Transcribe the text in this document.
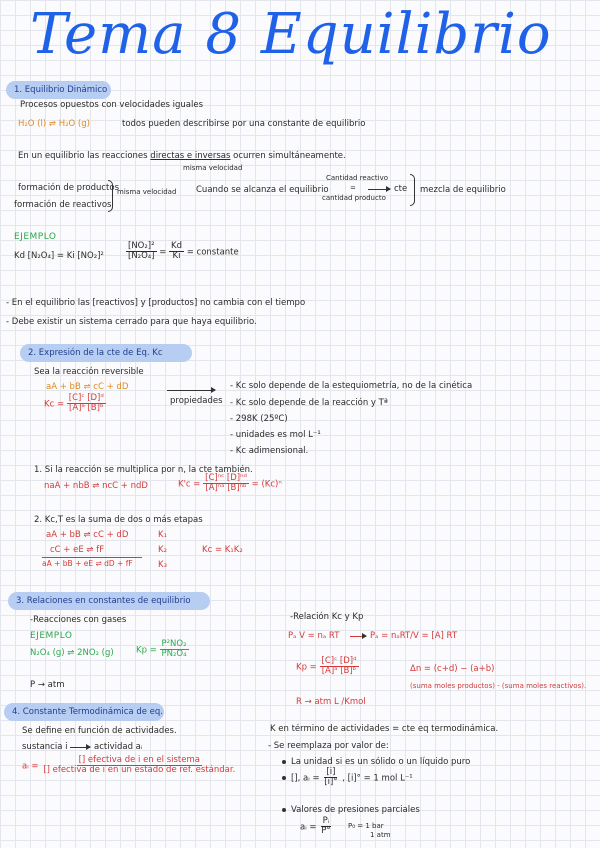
Tema 8 Equilibrio
1. Equilibrio Dinámico
Procesos opuestos con velocidades iguales
H₂O (l) ⇌ H₂O (g)	todos pueden describirse por una constante de equilibrio
En un equilibrio las reacciones directas e inversas ocurren simultáneamente.
misma velocidad
formación de productos
formación de reactivos
misma velocidad Cuando se alcanza el equilibrio
Cantidad reactivo
=
cantidad producto
cte mezcla de equilibrio
EJEMPLO
Kd [N₂O₄] = Ki [NO₂]²	$\frac{\text{[NO₂]²}}{\text{[N₂O₄]}} = \frac{Kd}{Ki}$ = constante
- En el equilibrio las [reactivos] y [productos] no cambia con el tiempo
- Debe existir un sistema cerrado para que haya equilibrio.
2. Expresión de la cte de Eq. Kc
Sea la reacción reversible
aA + bB ⇌ cC + dD
$Kc = \frac{\text{[C]ᶜ [D]ᵈ}}{\text{[A]ᵃ [B]ᵇ}}$	propiedades
- Kc solo depende de la estequiometría, no de la cinética
- Kc solo depende de la reacción y Tª
- 298K (25ºC)
- unidades es mol L⁻¹
- Kc adimensional.
1. Si la reacción se multiplica por n, la cte también.
naA + nbB ⇌ ncC + ndD	$K'c = \frac{\text{[C]ⁿᶜ [D]ⁿᵈ}}{\text{[A]ⁿᵃ [B]ⁿᵇ}} = (Kc)^n$
2. Kc,T es la suma de dos o más etapas
aA + bB ⇌ cC + dD	K₁
cC + eE ⇌ fF	K₂
aA + bB + eE ⇌ dD + fF	K₃
Kc = K₁K₂
3. Relaciones en constantes de equilibrio
-Reacciones con gases
EJEMPLO
N₂O₄ (g) ⇌ 2NO₂ (g)	$Kp = \frac{\text{P²NO₂}}{\text{PN₂O₄}}$
P → atm
-Relación Kc y Kp
Pₐ V = nₐ RT	Pₐ = nₐRT/V = [A] RT
$Kp = \frac{\text{[C]ᶜ [D]ᵈ}}{\text{[A]ᵃ [B]ᵇ}}$	Δn = (c+d) − (a+b)
(suma moles productos) - (suma moles reactivos).
R → atm L /Kmol
4. Constante Termodinámica de eq.
Se define en función de actividades.
sustancia i	actividad aᵢ
aᵢ = $\frac{\text{[] efectiva de i en el sistema}}{\text{[] efectiva de i en un estado de ref. estándar.}}$
K en término de actividades = cte eq termodinámica.
- Se reemplaza por valor de:
La unidad si es un sólido o un líquido puro
[], aᵢ = $\frac{[i]}{[i]^\circ}$ , [i]° = 1 mol L⁻¹
Valores de presiones parciales
aᵢ = $\frac{\text{Pᵢ}}{P^\circ} P_0 = 1$ bar
1 atm
